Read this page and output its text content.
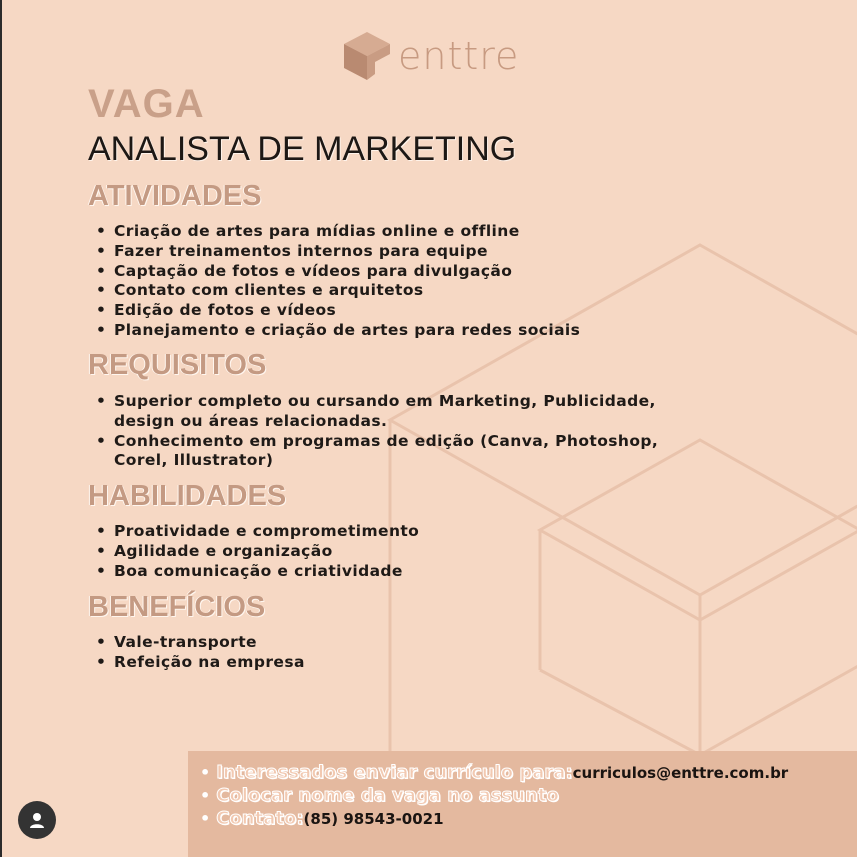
enttre
VAGA
ANALISTA DE MARKETING
ATIVIDADES
• Criação de artes para mídias online e offline
• Fazer treinamentos internos para equipe
• Captação de fotos e vídeos para divulgação
• Contato com clientes e arquitetos
• Edição de fotos e vídeos
• Planejamento e criação de artes para redes sociais
REQUISITOS
• Superior completo ou cursando em Marketing, Publicidade, design ou áreas relacionadas.
• Conhecimento em programas de edição (Canva, Photoshop, Corel, Illustrator)
HABILIDADES
• Proatividade e comprometimento
• Agilidade e organização
• Boa comunicação e criatividade
BENEFÍCIOS
• Vale-transporte
• Refeição na empresa
• Interessados enviar currículo para:curriculos@enttre.com.br
• Colocar nome da vaga no assunto
• Contato:(85) 98543-0021
